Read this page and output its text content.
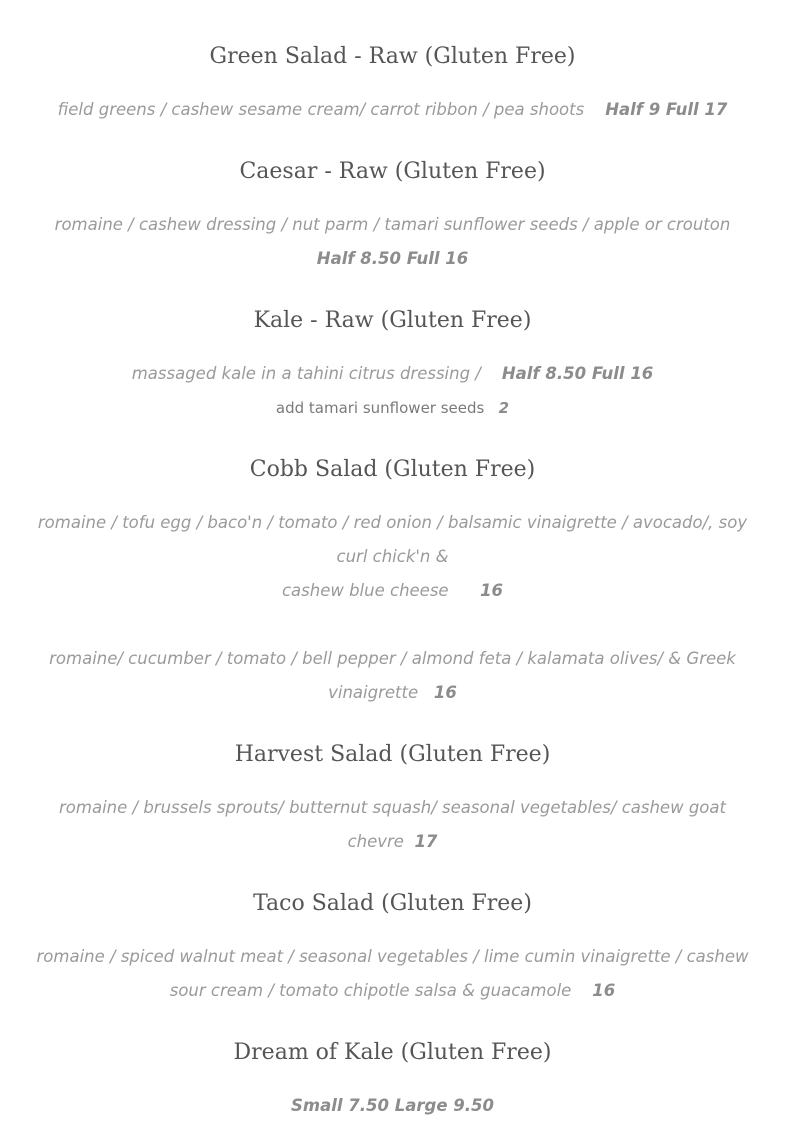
Green Salad - Raw (Gluten Free)
field greens / cashew sesame cream/ carrot ribbon / pea shoots Half 9 Full 17
Caesar - Raw (Gluten Free)
romaine / cashew dressing / nut parm / tamari sunflower seeds / apple or crouton
Half 8.50 Full 16
Kale - Raw (Gluten Free)
massaged kale in a tahini citrus dressing / Half 8.50 Full 16
add tamari sunflower seeds 2
Cobb Salad (Gluten Free)
romaine / tofu egg / baco'n / tomato / red onion / balsamic vinaigrette / avocado/, soy curl chick'n &
cashew blue cheese 16
romaine/ cucumber / tomato / bell pepper / almond feta / kalamata olives/ & Greek vinaigrette 16
Harvest Salad (Gluten Free)
romaine / brussels sprouts/ butternut squash/ seasonal vegetables/ cashew goat chevre 17
Taco Salad (Gluten Free)
romaine / spiced walnut meat / seasonal vegetables / lime cumin vinaigrette / cashew sour cream / tomato chipotle salsa & guacamole 16
Dream of Kale (Gluten Free)
Small 7.50 Large 9.50
